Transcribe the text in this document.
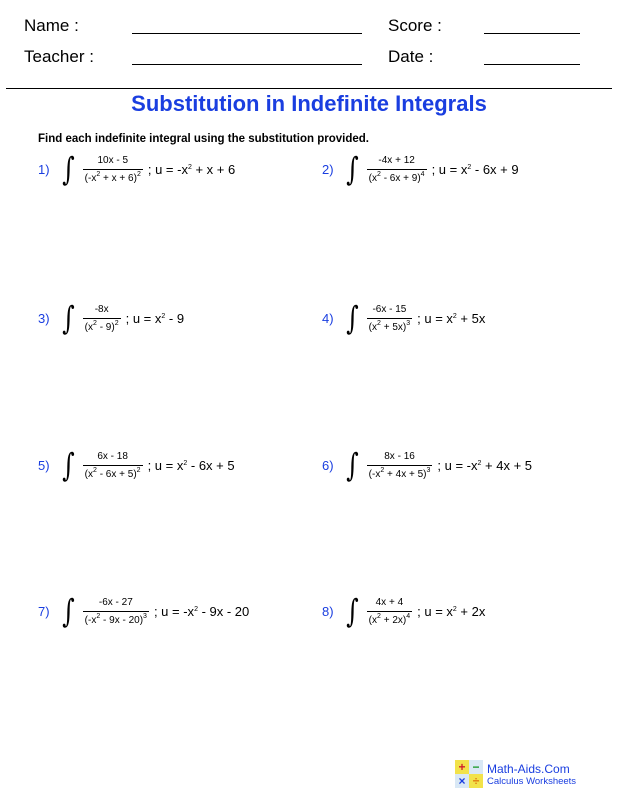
Name :	Score :
Teacher :	Date :
Substitution in Indefinite Integrals
Find each indefinite integral using the substitution provided.
1) ∫ $\frac{10x - 5}{(-x^2 + x + 6)^2}$ ; $u = -x^2 + x + 6$	2) ∫ $\frac{-4x + 12}{(x^2 - 6x + 9)^4}$ ; $u = x^2 - 6x + 9$
3) ∫ $\frac{-8x}{(x^2 - 9)^2}$ ; $u = x^2 - 9$	4) ∫ $\frac{-6x - 15}{(x^2 + 5x)^3}$ ; $u = x^2 + 5x$
5) ∫ $\frac{6x - 18}{(x^2 - 6x + 5)^2}$ ; $u = x^2 - 6x + 5$	6) ∫ $\frac{8x - 16}{(-x^2 + 4x + 5)^3}$ ; $u = -x^2 + 4x + 5$
7) ∫ $\frac{-6x - 27}{(-x^2 - 9x - 20)^3}$ ; $u = -x^2 - 9x - 20$	8) ∫ $\frac{4x + 4}{(x^2 + 2x)^4}$ ; $u = x^2 + 2x$
+ −
× ÷
Math-Aids.Com
Calculus Worksheets
